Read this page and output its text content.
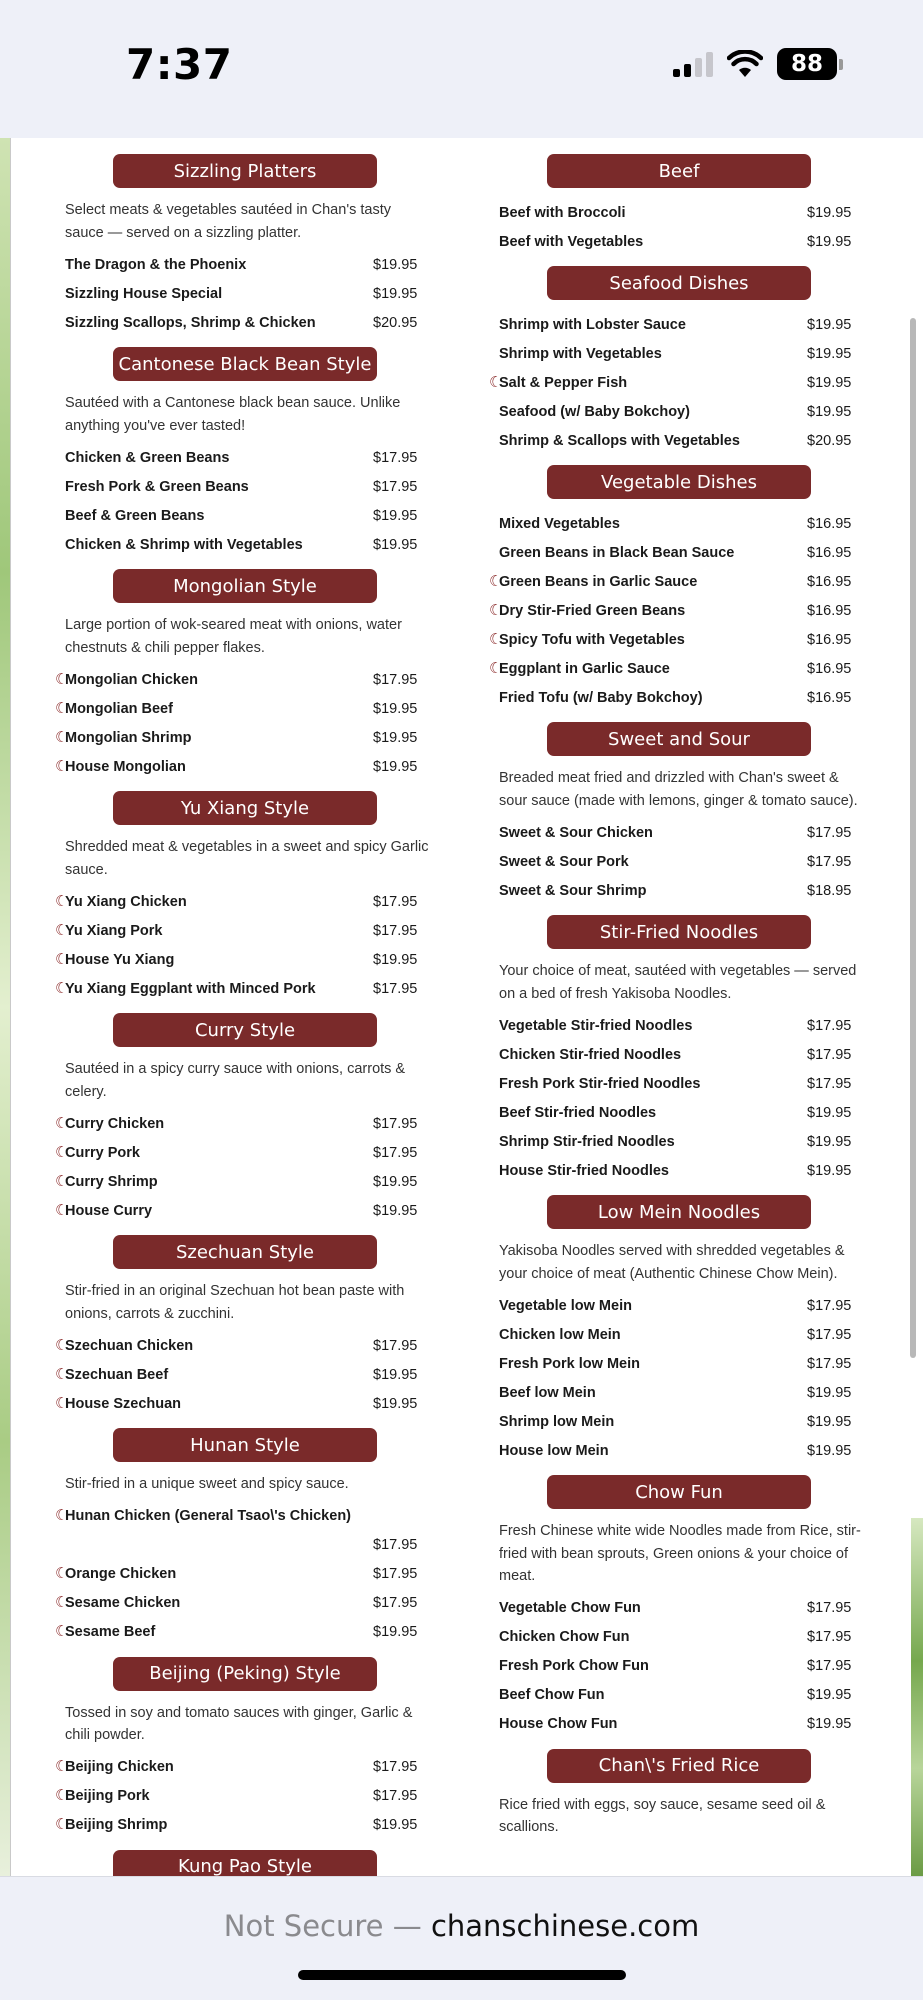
7:37	88
Sizzling Platters
Select meats & vegetables sautéed in Chan's tasty sauce — served on a sizzling platter.
The Dragon & the Phoenix	$19.95
Sizzling House Special	$19.95
Sizzling Scallops, Shrimp & Chicken	$20.95
Cantonese Black Bean Style
Sautéed with a Cantonese black bean sauce. Unlike anything you've ever tasted!
Chicken & Green Beans	$17.95
Fresh Pork & Green Beans	$17.95
Beef & Green Beans	$19.95
Chicken & Shrimp with Vegetables	$19.95
Mongolian Style
Large portion of wok-seared meat with onions, water chestnuts & chili pepper flakes.
☾
Mongolian Chicken	$17.95
☾
Mongolian Beef	$19.95
☾
Mongolian Shrimp	$19.95
☾
House Mongolian	$19.95
Yu Xiang Style
Shredded meat & vegetables in a sweet and spicy Garlic sauce.
☾
Yu Xiang Chicken	$17.95
☾
Yu Xiang Pork	$17.95
☾
House Yu Xiang	$19.95
☾
Yu Xiang Eggplant with Minced Pork	$17.95
Curry Style
Sautéed in a spicy curry sauce with onions, carrots & celery.
☾
Curry Chicken	$17.95
☾
Curry Pork	$17.95
☾
Curry Shrimp	$19.95
☾
House Curry	$19.95
Szechuan Style
Stir-fried in an original Szechuan hot bean paste with onions, carrots & zucchini.
☾
Szechuan Chicken	$17.95
☾
Szechuan Beef	$19.95
☾
House Szechuan	$19.95
Hunan Style
Stir-fried in a unique sweet and spicy sauce.
☾
Hunan Chicken (General Tsao\'s Chicken)
$17.95
☾
Orange Chicken	$17.95
☾
Sesame Chicken	$17.95
☾
Sesame Beef	$19.95
Beijing (Peking) Style
Tossed in soy and tomato sauces with ginger, Garlic & chili powder.
☾
Beijing Chicken	$17.95
☾
Beijing Pork	$17.95
☾
Beijing Shrimp	$19.95
Kung Pao Style
Beef
Beef with Broccoli	$19.95
Beef with Vegetables	$19.95
Seafood Dishes
Shrimp with Lobster Sauce	$19.95
Shrimp with Vegetables	$19.95
☾
Salt & Pepper Fish	$19.95
Seafood (w/ Baby Bokchoy)	$19.95
Shrimp & Scallops with Vegetables	$20.95
Vegetable Dishes
Mixed Vegetables	$16.95
Green Beans in Black Bean Sauce	$16.95
☾
Green Beans in Garlic Sauce	$16.95
☾
Dry Stir-Fried Green Beans	$16.95
☾
Spicy Tofu with Vegetables	$16.95
☾
Eggplant in Garlic Sauce	$16.95
Fried Tofu (w/ Baby Bokchoy)	$16.95
Sweet and Sour
Breaded meat fried and drizzled with Chan's sweet & sour sauce (made with lemons, ginger & tomato sauce).
Sweet & Sour Chicken	$17.95
Sweet & Sour Pork	$17.95
Sweet & Sour Shrimp	$18.95
Stir-Fried Noodles
Your choice of meat, sautéed with vegetables — served on a bed of fresh Yakisoba Noodles.
Vegetable Stir-fried Noodles	$17.95
Chicken Stir-fried Noodles	$17.95
Fresh Pork Stir-fried Noodles	$17.95
Beef Stir-fried Noodles	$19.95
Shrimp Stir-fried Noodles	$19.95
House Stir-fried Noodles	$19.95
Low Mein Noodles
Yakisoba Noodles served with shredded vegetables & your choice of meat (Authentic Chinese Chow Mein).
Vegetable low Mein	$17.95
Chicken low Mein	$17.95
Fresh Pork low Mein	$17.95
Beef low Mein	$19.95
Shrimp low Mein	$19.95
House low Mein	$19.95
Chow Fun
Fresh Chinese white wide Noodles made from Rice, stir-fried with bean sprouts, Green onions & your choice of meat.
Vegetable Chow Fun	$17.95
Chicken Chow Fun	$17.95
Fresh Pork Chow Fun	$17.95
Beef Chow Fun	$19.95
House Chow Fun	$19.95
Chan\'s Fried Rice
Rice fried with eggs, soy sauce, sesame seed oil & scallions.
Not Secure — chanschinese.com
